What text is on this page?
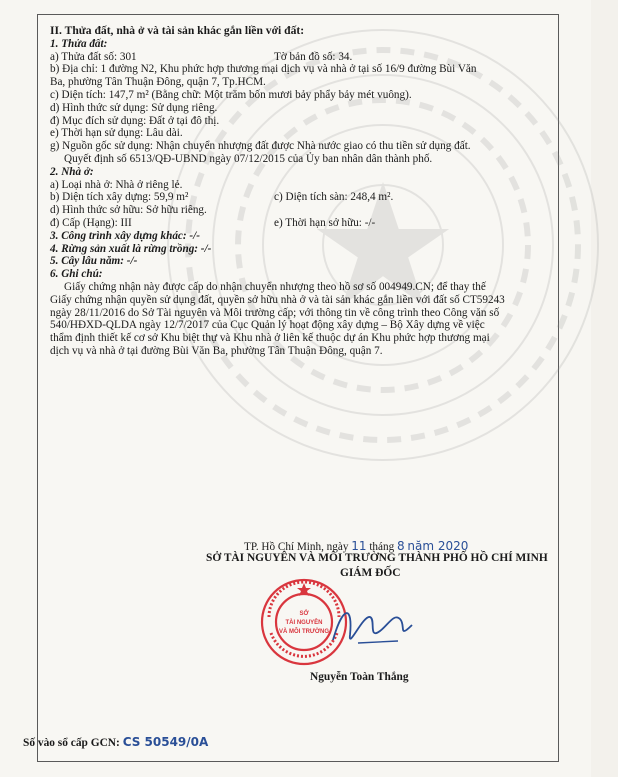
II. Thửa đất, nhà ở và tài sản khác gắn liền với đất:
1. Thửa đất:
a) Thửa đất số: 301	Tờ bản đồ số: 34.
b) Địa chỉ: 1 đường N2, Khu phức hợp thương mại dịch vụ và nhà ở tại số 16/9 đường Bùi Văn
Ba, phường Tân Thuận Đông, quận 7, Tp.HCM.
c) Diện tích: 147,7 m² (Bằng chữ: Một trăm bốn mươi bảy phẩy bảy mét vuông).
d) Hình thức sử dụng: Sử dụng riêng.
đ) Mục đích sử dụng: Đất ở tại đô thị.
e) Thời hạn sử dụng: Lâu dài.
g) Nguồn gốc sử dụng: Nhận chuyển nhượng đất được Nhà nước giao có thu tiền sử dụng đất.
Quyết định số 6513/QĐ-UBND ngày 07/12/2015 của Ủy ban nhân dân thành phố.
2. Nhà ở:
a) Loại nhà ở: Nhà ở riêng lẻ.
b) Diện tích xây dựng: 59,9 m²	c) Diện tích sàn: 248,4 m².
d) Hình thức sở hữu: Sở hữu riêng.
đ) Cấp (Hạng): III	e) Thời hạn sở hữu: -/-
3. Công trình xây dựng khác: -/-
4. Rừng sản xuất là rừng trồng: -/-
5. Cây lâu năm: -/-
6. Ghi chú:
Giấy chứng nhận này được cấp do nhận chuyển nhượng theo hồ sơ số 004949.CN; để thay thế
Giấy chứng nhận quyền sử dụng đất, quyền sở hữu nhà ở và tài sản khác gắn liền với đất số CT59243
ngày 28/11/2016 do Sở Tài nguyên và Môi trường cấp; với thông tin về công trình theo Công văn số
540/HĐXD-QLDA ngày 12/7/2017 của Cục Quản lý hoạt động xây dựng – Bộ Xây dựng về việc
thẩm định thiết kế cơ sở Khu biệt thự và Khu nhà ở liên kế thuộc dự án Khu phức hợp thương mại
dịch vụ và nhà ở tại đường Bùi Văn Ba, phường Tân Thuận Đông, quận 7.
TP. Hồ Chí Minh, ngày 11 tháng 8 năm 2020
SỞ TÀI NGUYÊN VÀ MÔI TRƯỜNG THÀNH PHỐ HỒ CHÍ MINH
GIÁM ĐỐC
SỞ
TÀI NGUYÊN
VÀ MÔI TRƯỜNG
Nguyễn Toàn Thắng
Số vào sổ cấp GCN: CS 50549/0A
